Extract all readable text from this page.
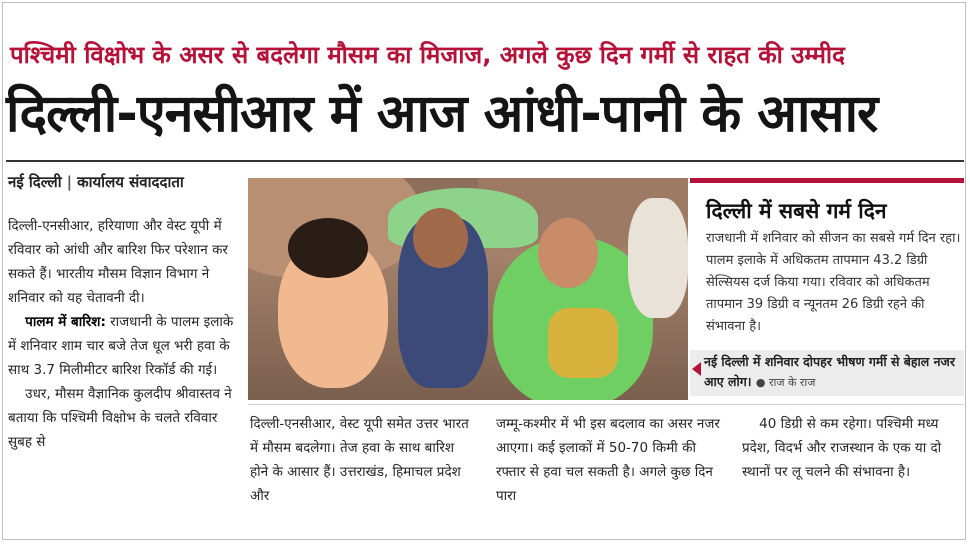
पश्चिमी विक्षोभ के असर से बदलेगा मौसम का मिजाज, अगले कुछ दिन गर्मी से राहत की उम्मीद
दिल्ली-एनसीआर में आज आंधी-पानी के आसार
नई दिल्ली | कार्यालय संवाददाता

दिल्ली-एनसीआर, हरियाणा और वेस्ट यूपी में रविवार को आंधी और बारिश फिर परेशान कर सकते हैं। भारतीय मौसम विज्ञान विभाग ने शनिवार को यह चेतावनी दी।

पालम में बारिश: राजधानी के पालम इलाके में शनिवार शाम चार बजे तेज धूल भरी हवा के साथ 3.7 मिलीमीटर बारिश रिकॉर्ड की गई।

उधर, मौसम वैज्ञानिक कुलदीप श्रीवास्तव ने बताया कि पश्चिमी विक्षोभ के चलते रविवार सुबह से

दिल्ली में सबसे गर्म दिन
राजधानी में शनिवार को सीजन का सबसे गर्म दिन रहा। पालम इलाके में अधिकतम तापमान 43.2 डिग्री सेल्सियस दर्ज किया गया। रविवार को अधिकतम तापमान 39 डिग्री व न्यूनतम 26 डिग्री रहने की संभावना है।
नई दिल्ली में शनिवार दोपहर भीषण गर्मी से बेहाल नजर आए लोग। ● राज के राज

दिल्ली-एनसीआर, वेस्ट यूपी समेत उत्तर भारत में मौसम बदलेगा। तेज हवा के साथ बारिश होने के आसार हैं। उत्तराखंड, हिमाचल प्रदेश और

जम्मू-कश्मीर में भी इस बदलाव का असर नजर आएगा। कई इलाकों में 50-70 किमी की रफ्तार से हवा चल सकती है। अगले कुछ दिन पारा

40 डिग्री से कम रहेगा। पश्चिमी मध्य प्रदेश, विदर्भ और राजस्थान के एक या दो स्थानों पर लू चलने की संभावना है।
